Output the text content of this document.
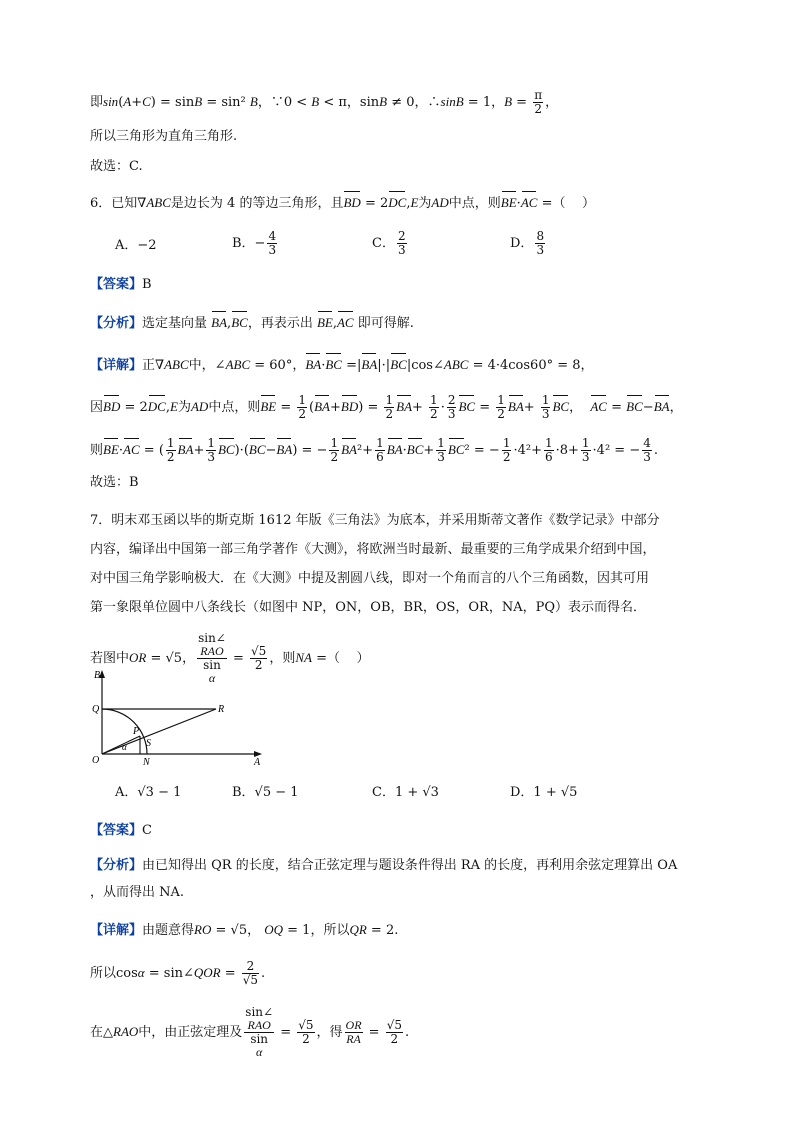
即sin(A+C) = sinB = sin² B，∵0 < B < π，sinB ≠ 0，∴sinB = 1，$B = \frac{\pi}{2}$ ，
所以三角形为直角三角形.
故选：C.
6．已知∇ABC是边长为 4 的等边三角形，且BD = 2DC,E为AD中点，则BE·AC =（    ）
A．−2	B．− $\frac{4}{3}$	C． $\frac{2}{3}$	D． $\frac{8}{3}$
【答案】B
【分析】选定基向量 BA,BC，再表示出 BE,AC 即可得解.
【详解】正∇ABC中，∠ABC = 60°，BA·BC =|BA|·|BC|cos∠ABC = 4·4cos60° = 8，
因BD = 2DC,E为AD中点，则BE = $\frac{1}{2} (BA+BD) = \frac{1}{2} BA+ \frac{1}{2} \cdot \frac{2}{3}$ BC = $\frac{1}{2} BA+ \frac{1}{3}$ BC，  AC = BC−BA，
则BE·AC = ( $\frac{1}{2} BA+ \frac{1}{3} BC)\cdot(BC-BA)$ = − $\frac{1}{2} BA^2+ \frac{1}{6} BA\cdot BC+ \frac{1}{3} BC^2$ = − $\frac{1}{2} \cdot 4^2+ \frac{1}{6} \cdot 8+ \frac{1}{3} \cdot 4^2$ = − $\frac{4}{3}$ .
故选：B
7．明末邓玉函以毕的斯克斯 1612 年版《三角法》为底本，并采用斯蒂文著作《数学记录》中部分
内容，编译出中国第一部三角学著作《大测》，将欧洲当时最新、最重要的三角学成果介绍到中国，
对中国三角学影响极大．在《大测》中提及割圆八线，即对一个角而言的八个三角函数，因其可用
第一象限单位圆中八条线长（如图中 NP，ON，OB，BR，OS，OR，NA，PQ）表示而得名．
若图中OR = √5， sin∠
RAO
sin
$\alpha = \frac{√5}{2}$ ，则NA =（    ）
B
Q	R
P
α S
O	N	A
A．√3 − 1	B．√5 − 1	C．1 + √3	D．1 + √5
【答案】C
【分析】由已知得出 QR 的长度，结合正弦定理与题设条件得出 RA 的长度，再利用余弦定理算出 OA
，从而得出 NA.
【详解】由题意得RO = √5， OQ = 1，所以QR = 2.
所以cosα = sin∠QOR = $\frac{2}{√5}$ .
在△RAO中，由正弦定理及 sin∠
RAO
sin
$\alpha = \frac{√5}{2}$ ，得 $\frac{OR}{RA} = \frac{√5}{2}$ .
